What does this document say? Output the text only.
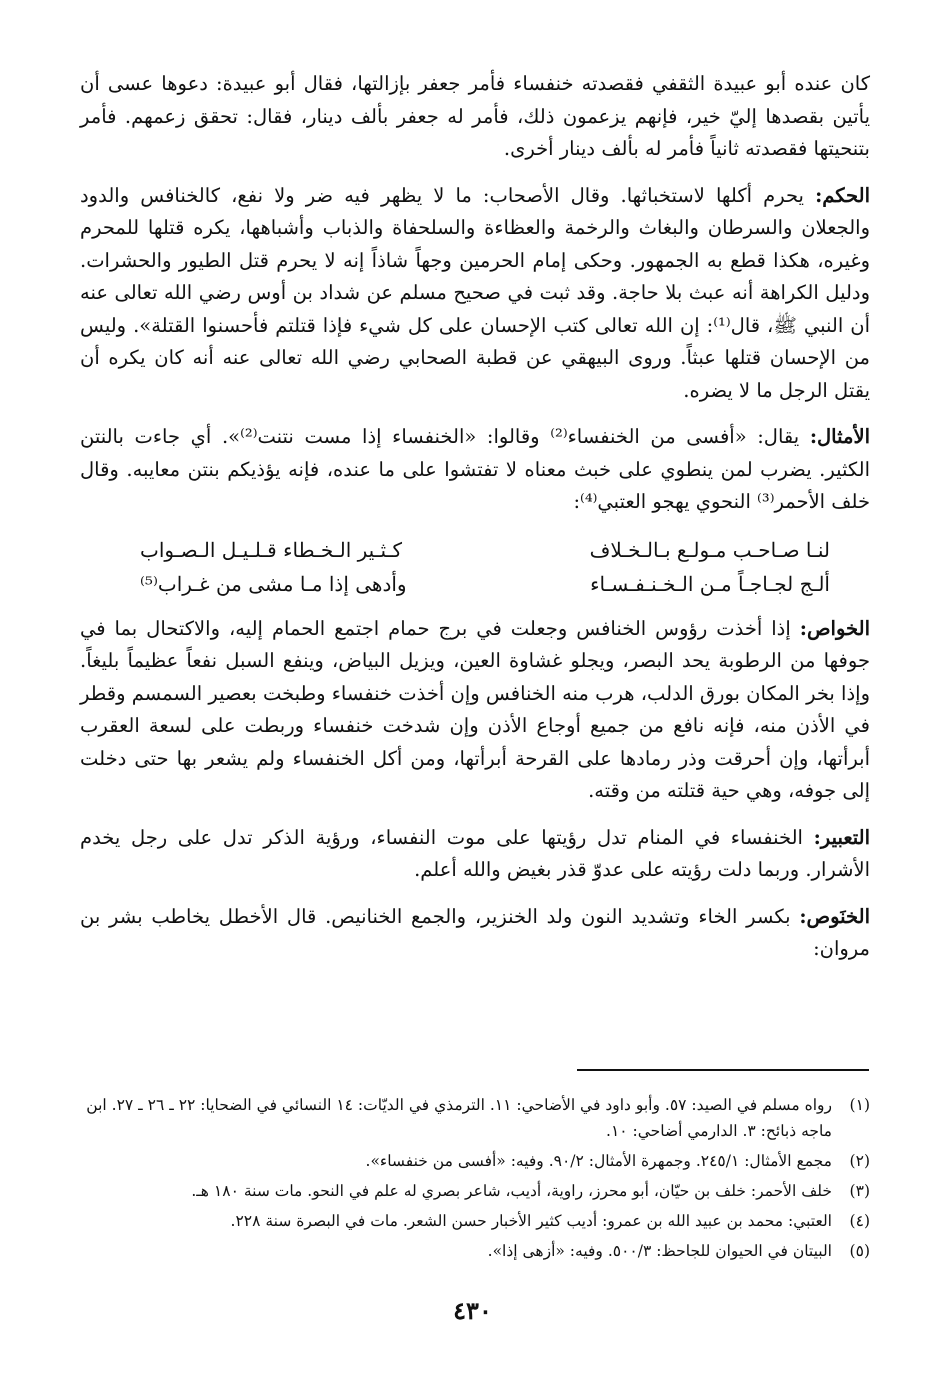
كان عنده أبو عبيدة الثقفي فقصدته خنفساء فأمر جعفر بإزالتها، فقال أبو عبيدة: دعوها عسى أن يأتين بقصدها إليّ خير، فإنهم يزعمون ذلك، فأمر له جعفر بألف دينار، فقال: تحقق زعمهم. فأمر بتنحيتها فقصدته ثانياً فأمر له بألف دينار أخرى.

الحكم: يحرم أكلها لاستخباثها. وقال الأصحاب: ما لا يظهر فيه ضر ولا نفع، كالخنافس والدود والجعلان والسرطان والبغاث والرخمة والعظاءة والسلحفاة والذباب وأشباهها، يكره قتلها للمحرم وغيره، هكذا قطع به الجمهور. وحكى إمام الحرمين وجهاً شاذاً إنه لا يحرم قتل الطيور والحشرات. ودليل الكراهة أنه عبث بلا حاجة. وقد ثبت في صحيح مسلم عن شداد بن أوس رضي الله تعالى عنه أن النبي ﷺ، قال⁽¹⁾: إن الله تعالى كتب الإحسان على كل شيء فإذا قتلتم فأحسنوا القتلة». وليس من الإحسان قتلها عبثاً. وروى البيهقي عن قطبة الصحابي رضي الله تعالى عنه أنه كان يكره أن يقتل الرجل ما لا يضره.

الأمثال: يقال: «أفسى من الخنفساء⁽²⁾ وقالوا: «الخنفساء إذا مست نتنت⁽²⁾». أي جاءت بالنتن الكثير. يضرب لمن ينطوي على خبث معناه لا تفتشوا على ما عنده، فإنه يؤذيكم بنتن معايبه. وقال خلف الأحمر⁽³⁾ النحوي يهجو العتبي⁽⁴⁾:

لنـا صـاحـب مـولـع بـالـخـلاف
كـثـير الـخـطاء قـلـيـل الـصـواب
ألـج لجـاجـاً مـن الـخـنـفـسـاء
وأدهى إذا مـا مشى من غـراب⁽⁵⁾

الخواص: إذا أخذت رؤوس الخنافس وجعلت في برج حمام اجتمع الحمام إليه، والاكتحال بما في جوفها من الرطوبة يحد البصر، ويجلو غشاوة العين، ويزيل البياض، وينفع السبل نفعاً عظيماً بليغاً. وإذا بخر المكان بورق الدلب، هرب منه الخنافس وإن أخذت خنفساء وطبخت بعصير السمسم وقطر في الأذن منه، فإنه نافع من جميع أوجاع الأذن وإن شدخت خنفساء وربطت على لسعة العقرب أبرأتها، وإن أحرقت وذر رمادها على القرحة أبرأتها، ومن أكل الخنفساء ولم يشعر بها حتى دخلت إلى جوفه، وهي حية قتلته من وقته.

التعبير: الخنفساء في المنام تدل رؤيتها على موت النفساء، ورؤية الذكر تدل على رجل يخدم الأشرار. وربما دلت رؤيته على عدوّ قذر بغيض والله أعلم.

الخنَوص: بكسر الخاء وتشديد النون ولد الخنزير، والجمع الخنانيص. قال الأخطل يخاطب بشر بن مروان:

(١)رواه مسلم في الصيد: ٥٧. وأبو داود في الأضاحي: ١١. الترمذي في الديّات: ١٤ النسائي في الضحايا: ٢٢ ـ ٢٦ ـ ٢٧. ابن ماجه ذبائح: ٣. الدارمي أضاحي: ١٠.

(٢)مجمع الأمثال: ٢٤٥/١. وجمهرة الأمثال: ٩٠/٢. وفيه: «أفسى من خنفساء».

(٣)خلف الأحمر: خلف بن حيّان، أبو محرز، راوية، أديب، شاعر بصري له علم في النحو. مات سنة ١٨٠ هـ.

(٤)العتبي: محمد بن عبيد الله بن عمرو: أديب كثير الأخبار حسن الشعر. مات في البصرة سنة ٢٢٨.

(٥)البيتان في الحيوان للجاحظ: ٥٠٠/٣. وفيه: «أزهى إذا».

٤٣٠
